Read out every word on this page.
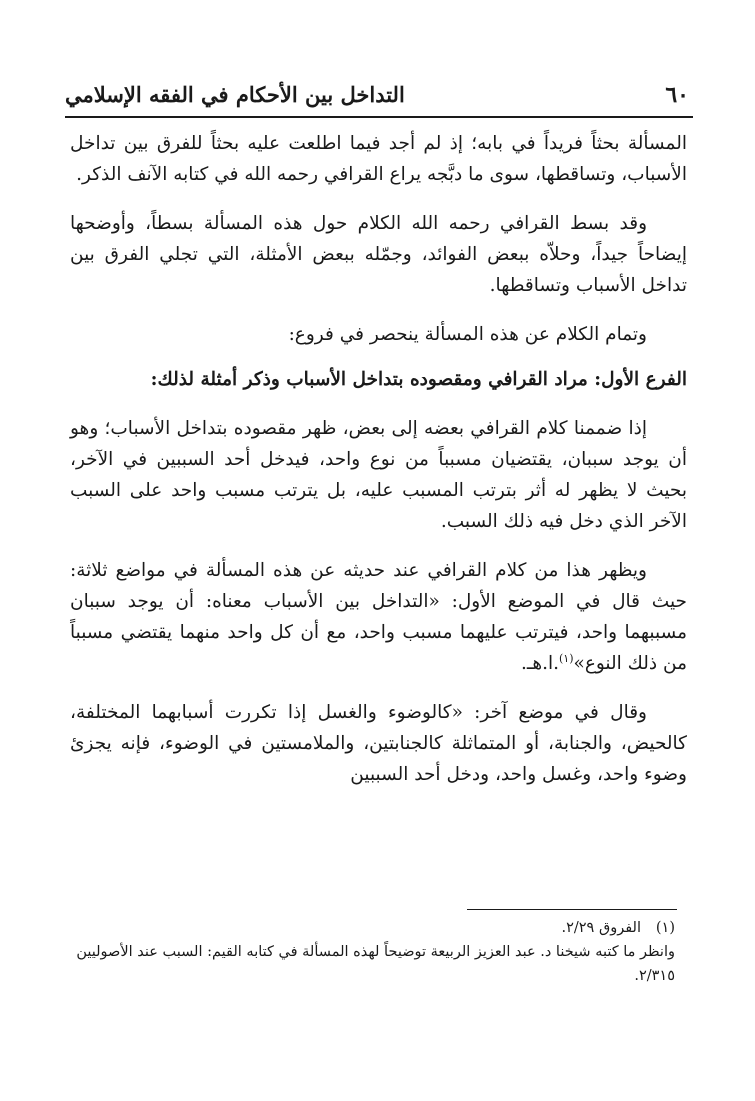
٦٠
التداخل بين الأحكام في الفقه الإسلامي

المسألة بحثاً فريداً في بابه؛ إذ لم أجد فيما اطلعت عليه بحثاً للفرق بين تداخل الأسباب، وتساقطها، سوى ما دبَّجه يراع القرافي رحمه الله في كتابه الآنف الذكر.

وقد بسط القرافي رحمه الله الكلام حول هذه المسألة بسطاً، وأوضحها إيضاحاً جيداً، وحلاّه ببعض الفوائد، وجمّله ببعض الأمثلة، التي تجلي الفرق بين تداخل الأسباب وتساقطها.

وتمام الكلام عن هذه المسألة ينحصر في فروع:

الفرع الأول: مراد القرافي ومقصوده بتداخل الأسباب وذكر أمثلة لذلك:

إذا ضممنا كلام القرافي بعضه إلى بعض، ظهر مقصوده بتداخل الأسباب؛ وهو أن يوجد سببان، يقتضيان مسبباً من نوع واحد، فيدخل أحد السببين في الآخر، بحيث لا يظهر له أثر بترتب المسبب عليه، بل يترتب مسبب واحد على السبب الآخر الذي دخل فيه ذلك السبب.

ويظهر هذا من كلام القرافي عند حديثه عن هذه المسألة في مواضع ثلاثة: حيث قال في الموضع الأول: «التداخل بين الأسباب معناه: أن يوجد سببان مسببهما واحد، فيترتب عليهما مسبب واحد، مع أن كل واحد منهما يقتضي مسبباً من ذلك النوع»$^{(١)}$.ا.هـ.

وقال في موضع آخر: «كالوضوء والغسل إذا تكررت أسبابهما المختلفة، كالحيض، والجنابة، أو المتماثلة كالجنابتين، والملامستين في الوضوء، فإنه يجزئ وضوء واحد، وغسل واحد، ودخل أحد السببين

(١)الفروق ٢/٢٩.

وانظر ما كتبه شيخنا د. عبد العزيز الربيعة توضيحاً لهذه المسألة في كتابه القيم: السبب عند الأصوليين ٢/٣١٥.
